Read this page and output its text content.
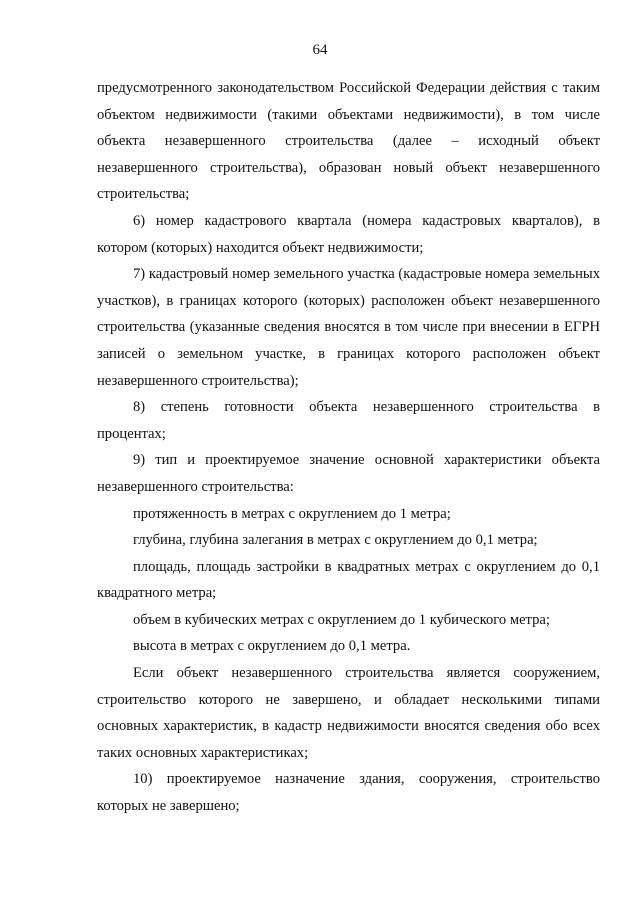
64

предусмотренного законодательством Российской Федерации действия с таким объектом недвижимости (такими объектами недвижимости), в том числе объекта незавершенного строительства (далее – исходный объект незавершенного строительства), образован новый объект незавершенного строительства;

6) номер кадастрового квартала (номера кадастровых кварталов), в котором (которых) находится объект недвижимости;

7) кадастровый номер земельного участка (кадастровые номера земельных участков), в границах которого (которых) расположен объект незавершенного строительства (указанные сведения вносятся в том числе при внесении в ЕГРН записей о земельном участке, в границах которого расположен объект незавершенного строительства);

8) степень готовности объекта незавершенного строительства в процентах;

9) тип и проектируемое значение основной характеристики объекта незавершенного строительства:

протяженность в метрах с округлением до 1 метра;

глубина, глубина залегания в метрах с округлением до 0,1 метра;

площадь, площадь застройки в квадратных метрах с округлением до 0,1 квадратного метра;

объем в кубических метрах с округлением до 1 кубического метра;

высота в метрах с округлением до 0,1 метра.

Если объект незавершенного строительства является сооружением, строительство которого не завершено, и обладает несколькими типами основных характеристик, в кадастр недвижимости вносятся сведения обо всех таких основных характеристиках;

10) проектируемое назначение здания, сооружения, строительство которых не завершено;
